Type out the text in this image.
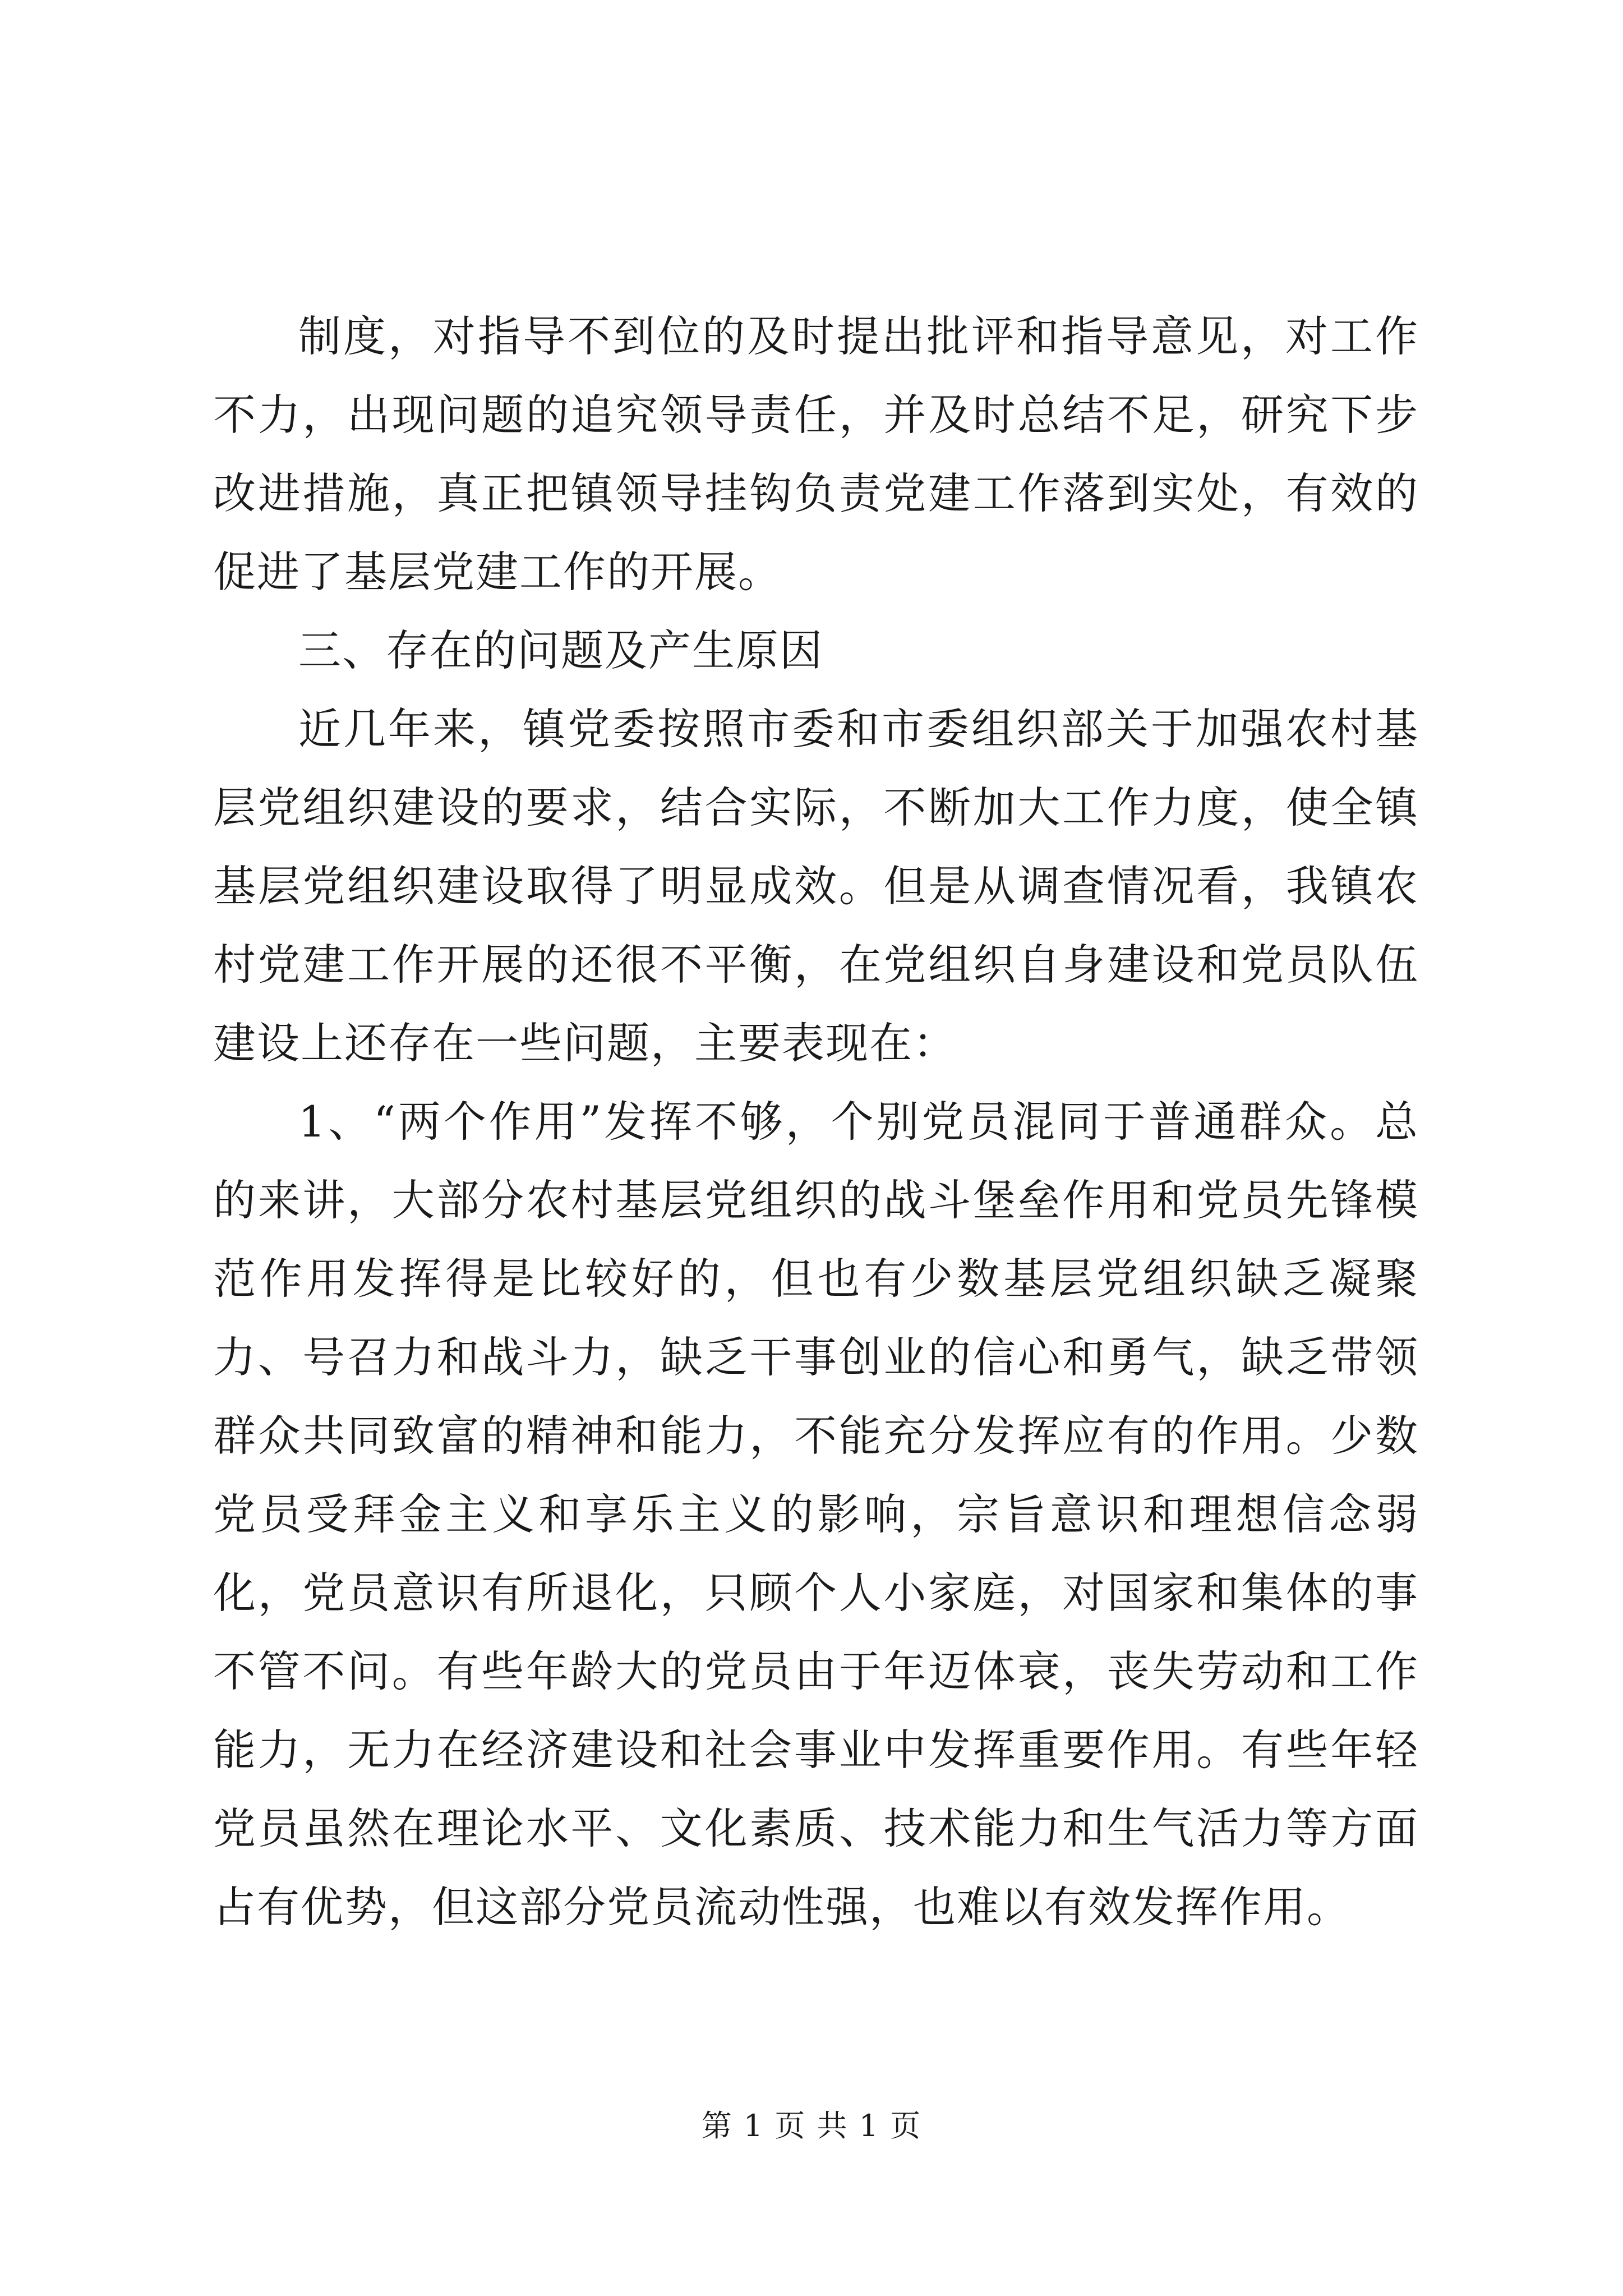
制度，对指导不到位的及时提出批评和指导意见，对工作不力，出现问题的追究领导责任，并及时总结不足，研究下步改进措施，真正把镇领导挂钩负责党建工作落到实处，有效的促进了基层党建工作的开展。

三、存在的问题及产生原因

近几年来，镇党委按照市委和市委组织部关于加强农村基层党组织建设的要求，结合实际，不断加大工作力度，使全镇基层党组织建设取得了明显成效。但是从调查情况看，我镇农村党建工作开展的还很不平衡，在党组织自身建设和党员队伍建设上还存在一些问题，主要表现在：

1、“两个作用”发挥不够，个别党员混同于普通群众。总的来讲，大部分农村基层党组织的战斗堡垒作用和党员先锋模范作用发挥得是比较好的，但也有少数基层党组织缺乏凝聚力、号召力和战斗力，缺乏干事创业的信心和勇气，缺乏带领群众共同致富的精神和能力，不能充分发挥应有的作用。少数党员受拜金主义和享乐主义的影响，宗旨意识和理想信念弱化，党员意识有所退化，只顾个人小家庭，对国家和集体的事不管不问。有些年龄大的党员由于年迈体衰，丧失劳动和工作能力，无力在经济建设和社会事业中发挥重要作用。有些年轻党员虽然在理论水平、文化素质、技术能力和生气活力等方面占有优势，但这部分党员流动性强，也难以有效发挥作用。

第 1 页 共 1 页
